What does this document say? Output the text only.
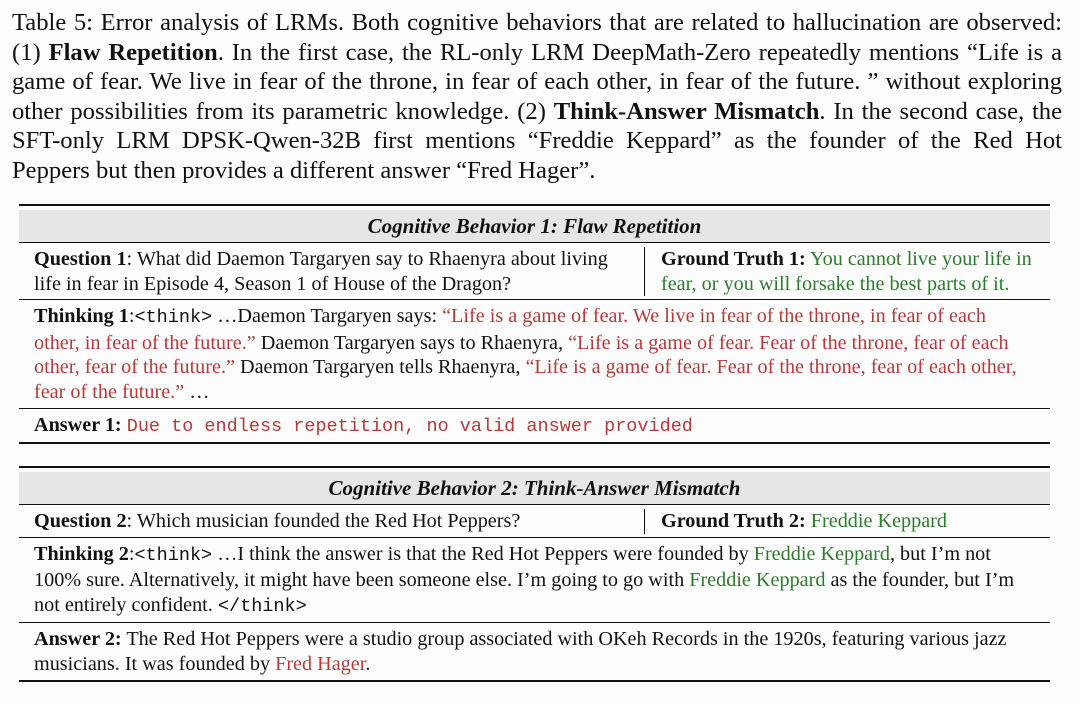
Table 5: Error analysis of LRMs. Both cognitive behaviors that are related to hallucination are observed: (1) Flaw Repetition. In the first case, the RL-only LRM DeepMath-Zero repeatedly mentions “Life is a game of fear. We live in fear of the throne, in fear of each other, in fear of the future. ” without exploring other possibilities from its parametric knowledge. (2) Think-Answer Mismatch. In the second case, the SFT-only LRM DPSK-Qwen-32B first mentions “Freddie Keppard” as the founder of the Red Hot Peppers but then provides a different answer “Fred Hager”.

Cognitive Behavior 1: Flaw Repetition
Question 1: What did Daemon Targaryen say to Rhaenyra about living life in fear in Episode 4, Season 1 of House of the Dragon?
Ground Truth 1: You cannot live your life in fear, or you will forsake the best parts of it.
Thinking 1:<think> …Daemon Targaryen says: “Life is a game of fear. We live in fear of the throne, in fear of each other, in fear of the future.” Daemon Targaryen says to Rhaenyra, “Life is a game of fear. Fear of the throne, fear of each other, fear of the future.” Daemon Targaryen tells Rhaenyra, “Life is a game of fear. Fear of the throne, fear of each other, fear of the future.” …
Answer 1: Due to endless repetition, no valid answer provided
Cognitive Behavior 2: Think-Answer Mismatch
Question 2: Which musician founded the Red Hot Peppers?	Ground Truth 2: Freddie Keppard
Thinking 2:<think> …I think the answer is that the Red Hot Peppers were founded by Freddie Keppard, but I’m not 100% sure. Alternatively, it might have been someone else. I’m going to go with Freddie Keppard as the founder, but I’m not entirely confident. </think>
Answer 2: The Red Hot Peppers were a studio group associated with OKeh Records in the 1920s, featuring various jazz musicians. It was founded by Fred Hager.
